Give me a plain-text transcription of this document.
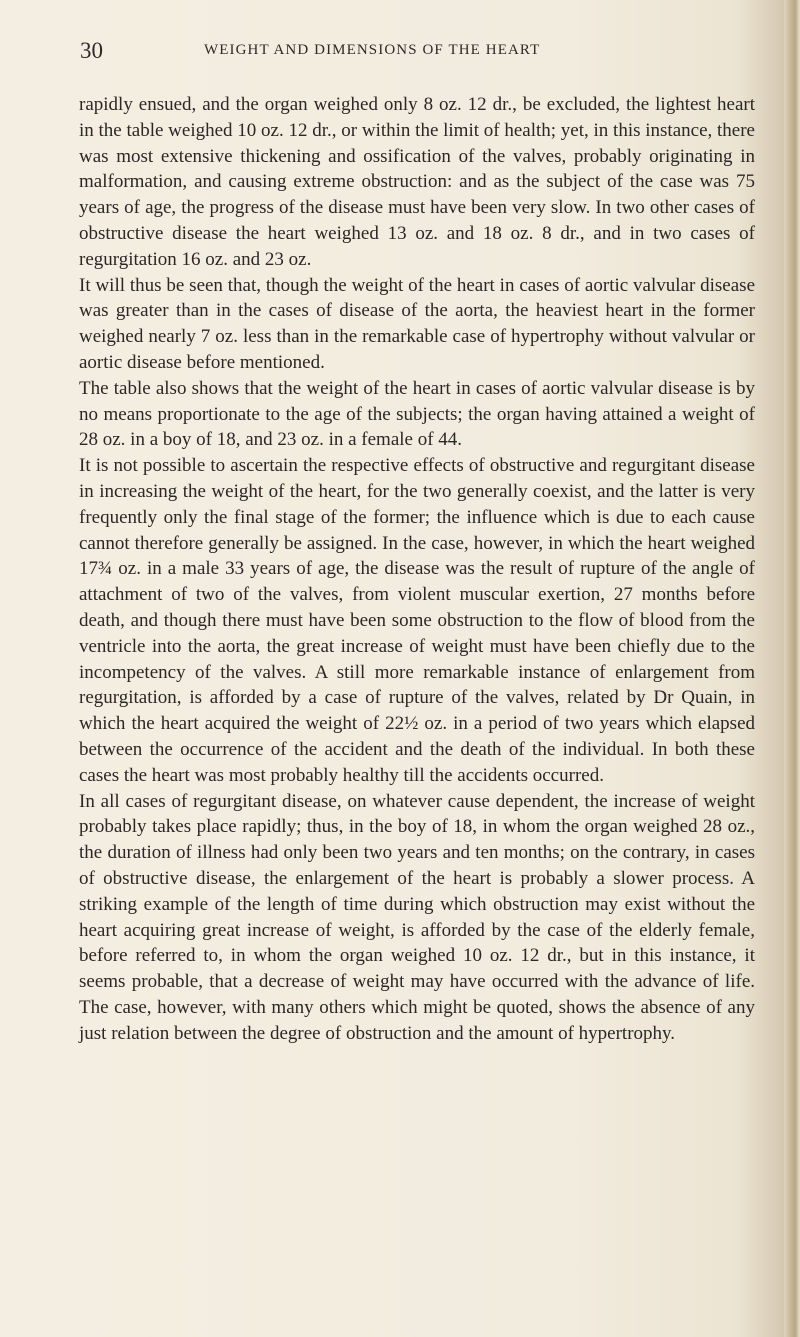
30	WEIGHT AND DIMENSIONS OF THE HEART

rapidly ensued, and the organ weighed only 8 oz. 12 dr., be excluded, the lightest heart in the table weighed 10 oz. 12 dr., or within the limit of health; yet, in this instance, there was most extensive thickening and ossification of the valves, probably originating in malformation, and causing extreme obstruction: and as the subject of the case was 75 years of age, the progress of the disease must have been very slow. In two other cases of obstructive disease the heart weighed 13 oz. and 18 oz. 8 dr., and in two cases of regurgitation 16 oz. and 23 oz.

It will thus be seen that, though the weight of the heart in cases of aortic valvular disease was greater than in the cases of disease of the aorta, the heaviest heart in the former weighed nearly 7 oz. less than in the remarkable case of hypertrophy without valvular or aortic disease before mentioned.

The table also shows that the weight of the heart in cases of aortic valvular disease is by no means proportionate to the age of the subjects; the organ having attained a weight of 28 oz. in a boy of 18, and 23 oz. in a female of 44.

It is not possible to ascertain the respective effects of obstructive and regurgitant disease in increasing the weight of the heart, for the two generally coexist, and the latter is very frequently only the final stage of the former; the influence which is due to each cause cannot therefore generally be assigned. In the case, however, in which the heart weighed 17¾ oz. in a male 33 years of age, the disease was the result of rupture of the angle of attachment of two of the valves, from violent muscular exertion, 27 months before death, and though there must have been some obstruction to the flow of blood from the ventricle into the aorta, the great increase of weight must have been chiefly due to the incompetency of the valves. A still more remarkable instance of enlargement from regurgitation, is afforded by a case of rupture of the valves, related by Dr Quain, in which the heart acquired the weight of 22½ oz. in a period of two years which elapsed between the occurrence of the accident and the death of the individual. In both these cases the heart was most probably healthy till the accidents occurred.

In all cases of regurgitant disease, on whatever cause dependent, the increase of weight probably takes place rapidly; thus, in the boy of 18, in whom the organ weighed 28 oz., the duration of illness had only been two years and ten months; on the contrary, in cases of obstructive disease, the enlargement of the heart is probably a slower process. A striking example of the length of time during which obstruction may exist without the heart acquiring great increase of weight, is afforded by the case of the elderly female, before referred to, in whom the organ weighed 10 oz. 12 dr., but in this instance, it seems probable, that a decrease of weight may have occurred with the advance of life. The case, however, with many others which might be quoted, shows the absence of any just relation between the degree of obstruction and the amount of hypertrophy.
